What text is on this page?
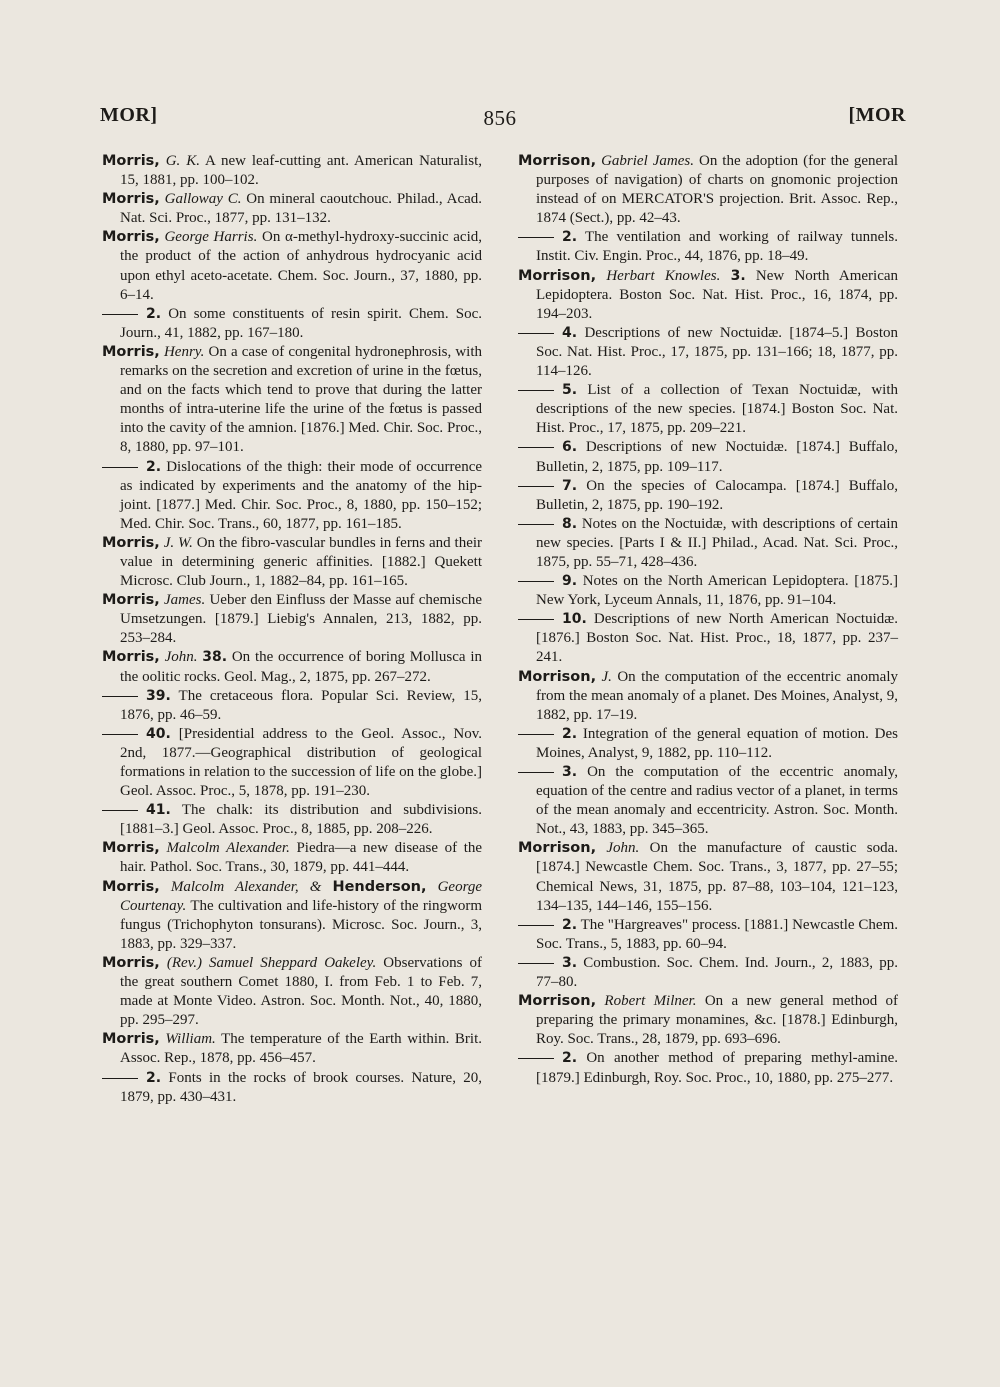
MOR]	856	[MOR
Morris, G. K. A new leaf-cutting ant. American Naturalist, 15, 1881, pp. 100–102.
Morris, Galloway C. On mineral caoutchouc. Philad., Acad. Nat. Sci. Proc., 1877, pp. 131–132.
Morris, George Harris. On α-methyl-hydroxy-succinic acid, the product of the action of anhydrous hydrocyanic acid upon ethyl aceto-acetate. Chem. Soc. Journ., 37, 1880, pp. 6–14.
2. On some constituents of resin spirit. Chem. Soc. Journ., 41, 1882, pp. 167–180.
Morris, Henry. On a case of congenital hydronephrosis, with remarks on the secretion and excretion of urine in the fœtus, and on the facts which tend to prove that during the latter months of intra-uterine life the urine of the fœtus is passed into the cavity of the amnion. [1876.] Med. Chir. Soc. Proc., 8, 1880, pp. 97–101.
2. Dislocations of the thigh: their mode of occurrence as indicated by experiments and the anatomy of the hip-joint. [1877.] Med. Chir. Soc. Proc., 8, 1880, pp. 150–152; Med. Chir. Soc. Trans., 60, 1877, pp. 161–185.
Morris, J. W. On the fibro-vascular bundles in ferns and their value in determining generic affinities. [1882.] Quekett Microsc. Club Journ., 1, 1882–84, pp. 161–165.
Morris, James. Ueber den Einfluss der Masse auf chemische Umsetzungen. [1879.] Liebig's Annalen, 213, 1882, pp. 253–284.
Morris, John. 38. On the occurrence of boring Mollusca in the oolitic rocks. Geol. Mag., 2, 1875, pp. 267–272.
39. The cretaceous flora. Popular Sci. Review, 15, 1876, pp. 46–59.
40. [Presidential address to the Geol. Assoc., Nov. 2nd, 1877.—Geographical distribution of geological formations in relation to the succession of life on the globe.] Geol. Assoc. Proc., 5, 1878, pp. 191–230.
41. The chalk: its distribution and subdivisions. [1881–3.] Geol. Assoc. Proc., 8, 1885, pp. 208–226.
Morris, Malcolm Alexander. Piedra—a new disease of the hair. Pathol. Soc. Trans., 30, 1879, pp. 441–444.
Morris, Malcolm Alexander, & Henderson, George Courtenay. The cultivation and life-history of the ringworm fungus (Trichophyton tonsurans). Microsc. Soc. Journ., 3, 1883, pp. 329–337.
Morris, (Rev.) Samuel Sheppard Oakeley. Observations of the great southern Comet 1880, I. from Feb. 1 to Feb. 7, made at Monte Video. Astron. Soc. Month. Not., 40, 1880, pp. 295–297.
Morris, William. The temperature of the Earth within. Brit. Assoc. Rep., 1878, pp. 456–457.
2. Fonts in the rocks of brook courses. Nature, 20, 1879, pp. 430–431.
Morrison, Gabriel James. On the adoption (for the general purposes of navigation) of charts on gnomonic projection instead of on MERCATOR'S projection. Brit. Assoc. Rep., 1874 (Sect.), pp. 42–43.
2. The ventilation and working of railway tunnels. Instit. Civ. Engin. Proc., 44, 1876, pp. 18–49.
Morrison, Herbart Knowles. 3. New North American Lepidoptera. Boston Soc. Nat. Hist. Proc., 16, 1874, pp. 194–203.
4. Descriptions of new Noctuidæ. [1874–5.] Boston Soc. Nat. Hist. Proc., 17, 1875, pp. 131–166; 18, 1877, pp. 114–126.
5. List of a collection of Texan Noctuidæ, with descriptions of the new species. [1874.] Boston Soc. Nat. Hist. Proc., 17, 1875, pp. 209–221.
6. Descriptions of new Noctuidæ. [1874.] Buffalo, Bulletin, 2, 1875, pp. 109–117.
7. On the species of Calocampa. [1874.] Buffalo, Bulletin, 2, 1875, pp. 190–192.
8. Notes on the Noctuidæ, with descriptions of certain new species. [Parts I & II.] Philad., Acad. Nat. Sci. Proc., 1875, pp. 55–71, 428–436.
9. Notes on the North American Lepidoptera. [1875.] New York, Lyceum Annals, 11, 1876, pp. 91–104.
10. Descriptions of new North American Noctuidæ. [1876.] Boston Soc. Nat. Hist. Proc., 18, 1877, pp. 237–241.
Morrison, J. On the computation of the eccentric anomaly from the mean anomaly of a planet. Des Moines, Analyst, 9, 1882, pp. 17–19.
2. Integration of the general equation of motion. Des Moines, Analyst, 9, 1882, pp. 110–112.
3. On the computation of the eccentric anomaly, equation of the centre and radius vector of a planet, in terms of the mean anomaly and eccentricity. Astron. Soc. Month. Not., 43, 1883, pp. 345–365.
Morrison, John. On the manufacture of caustic soda. [1874.] Newcastle Chem. Soc. Trans., 3, 1877, pp. 27–55; Chemical News, 31, 1875, pp. 87–88, 103–104, 121–123, 134–135, 144–146, 155–156.
2. The "Hargreaves" process. [1881.] Newcastle Chem. Soc. Trans., 5, 1883, pp. 60–94.
3. Combustion. Soc. Chem. Ind. Journ., 2, 1883, pp. 77–80.
Morrison, Robert Milner. On a new general method of preparing the primary monamines, &c. [1878.] Edinburgh, Roy. Soc. Trans., 28, 1879, pp. 693–696.
2. On another method of preparing methyl-amine. [1879.] Edinburgh, Roy. Soc. Proc., 10, 1880, pp. 275–277.
